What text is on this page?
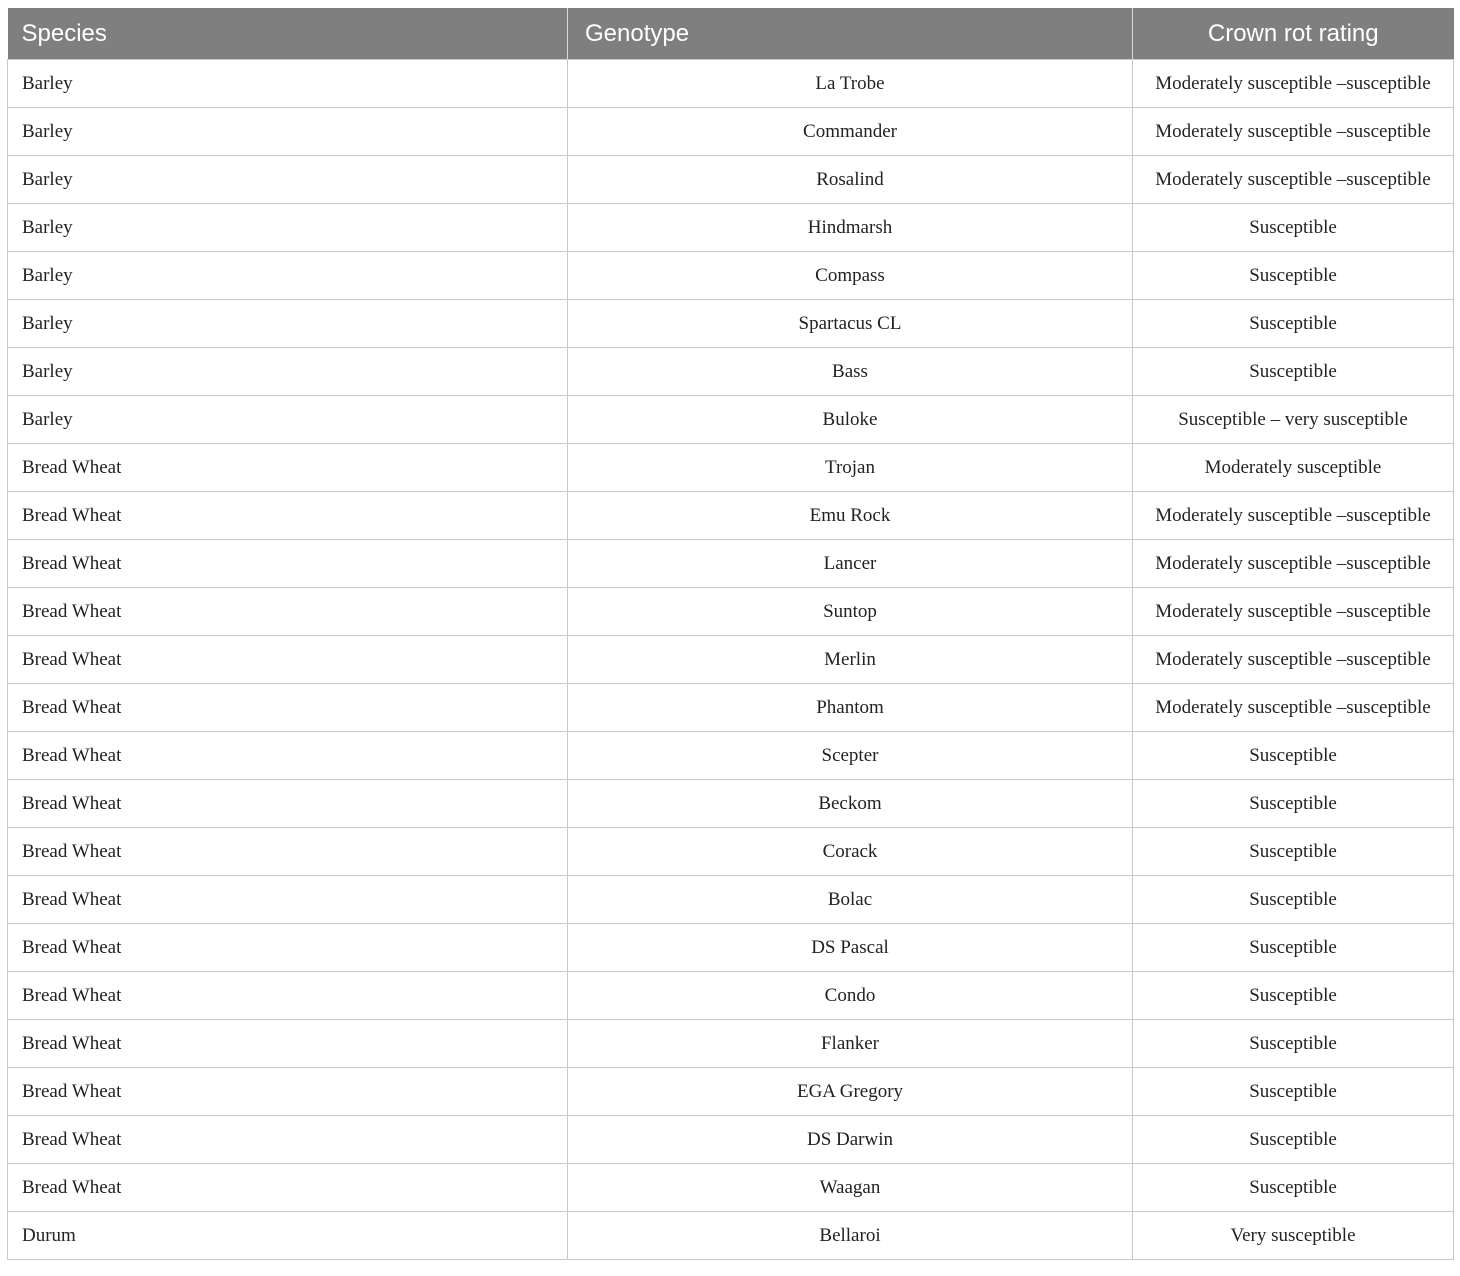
Species	Genotype	Crown rot rating
Barley	La Trobe	Moderately susceptible –susceptible
Barley	Commander	Moderately susceptible –susceptible
Barley	Rosalind	Moderately susceptible –susceptible
Barley	Hindmarsh	Susceptible
Barley	Compass	Susceptible
Barley	Spartacus CL	Susceptible
Barley	Bass	Susceptible
Barley	Buloke	Susceptible – very susceptible
Bread Wheat	Trojan	Moderately susceptible
Bread Wheat	Emu Rock	Moderately susceptible –susceptible
Bread Wheat	Lancer	Moderately susceptible –susceptible
Bread Wheat	Suntop	Moderately susceptible –susceptible
Bread Wheat	Merlin	Moderately susceptible –susceptible
Bread Wheat	Phantom	Moderately susceptible –susceptible
Bread Wheat	Scepter	Susceptible
Bread Wheat	Beckom	Susceptible
Bread Wheat	Corack	Susceptible
Bread Wheat	Bolac	Susceptible
Bread Wheat	DS Pascal	Susceptible
Bread Wheat	Condo	Susceptible
Bread Wheat	Flanker	Susceptible
Bread Wheat	EGA Gregory	Susceptible
Bread Wheat	DS Darwin	Susceptible
Bread Wheat	Waagan	Susceptible
Durum	Bellaroi	Very susceptible
